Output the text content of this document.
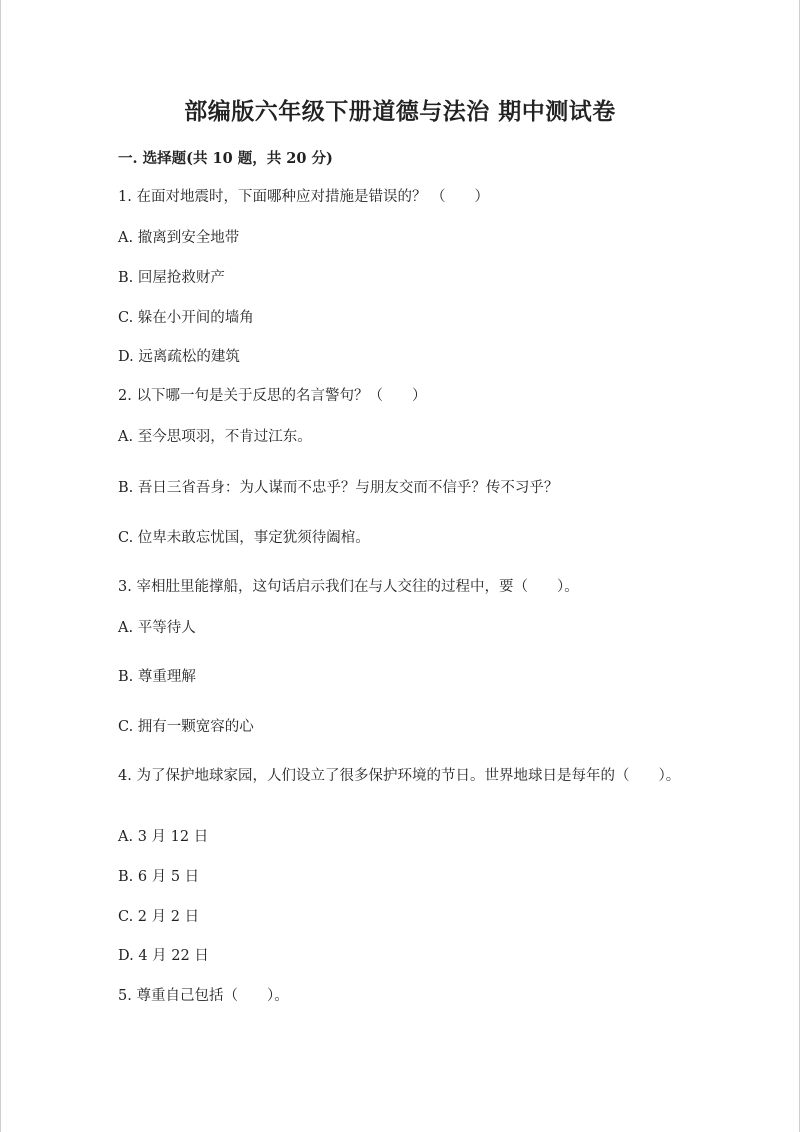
部编版六年级下册道德与法治 期中测试卷
一. 选择题(共 10 题，共 20 分)
1. 在面对地震时，下面哪种应对措施是错误的？ （　　）
A. 撤离到安全地带
B. 回屋抢救财产
C. 躲在小开间的墙角
D. 远离疏松的建筑
2. 以下哪一句是关于反思的名言警句？（　　）
A. 至今思项羽，不肯过江东。
B. 吾日三省吾身：为人谋而不忠乎？与朋友交而不信乎？传不习乎？
C. 位卑未敢忘忧国，事定犹须待阖棺。
3. 宰相肚里能撑船，这句话启示我们在与人交往的过程中，要（　　）。
A. 平等待人
B. 尊重理解
C. 拥有一颗宽容的心
4. 为了保护地球家园，人们设立了很多保护环境的节日。世界地球日是每年的（　　）。
A. 3 月 12 日
B. 6 月 5 日
C. 2 月 2 日
D. 4 月 22 日
5. 尊重自己包括（　　）。
